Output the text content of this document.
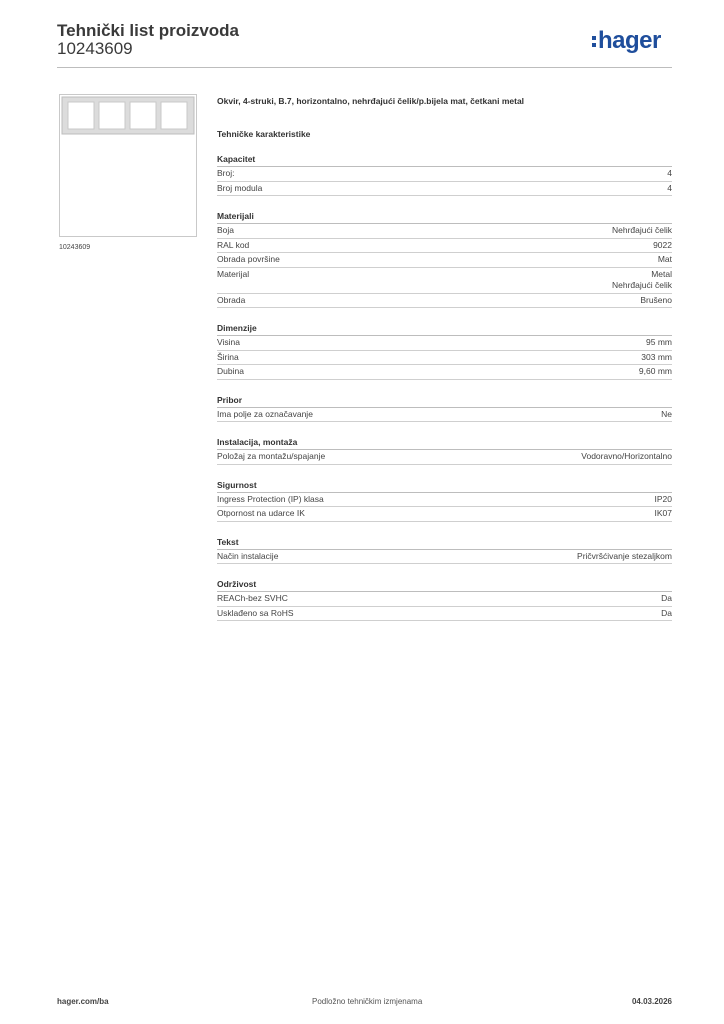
Tehnički list proizvoda
10243609	hager
10243609
Okvir, 4-struki, B.7, horizontalno, nehrđajući čelik/p.bijela mat, četkani metal
Tehničke karakteristike
Kapacitet
Broj:	4
Broj modula	4
Materijali
Boja	Nehrđajući čelik
RAL kod	9022
Obrada površine	Mat
Materijal	Metal
Nehrđajući čelik
Obrada	Brušeno
Dimenzije
Visina	95 mm
Širina	303 mm
Dubina	9,60 mm
Pribor
Ima polje za označavanje	Ne
Instalacija, montaža
Položaj za montažu/spajanje	Vodoravno/Horizontalno
Sigurnost
Ingress Protection (IP) klasa	IP20
Otpornost na udarce IK	IK07
Tekst
Način instalacije	Pričvršćivanje stezaljkom
Održivost
REACh-bez SVHC	Da
Usklađeno sa RoHS	Da
hager.com/ba	Podložno tehničkim izmjenama	04.03.2026
